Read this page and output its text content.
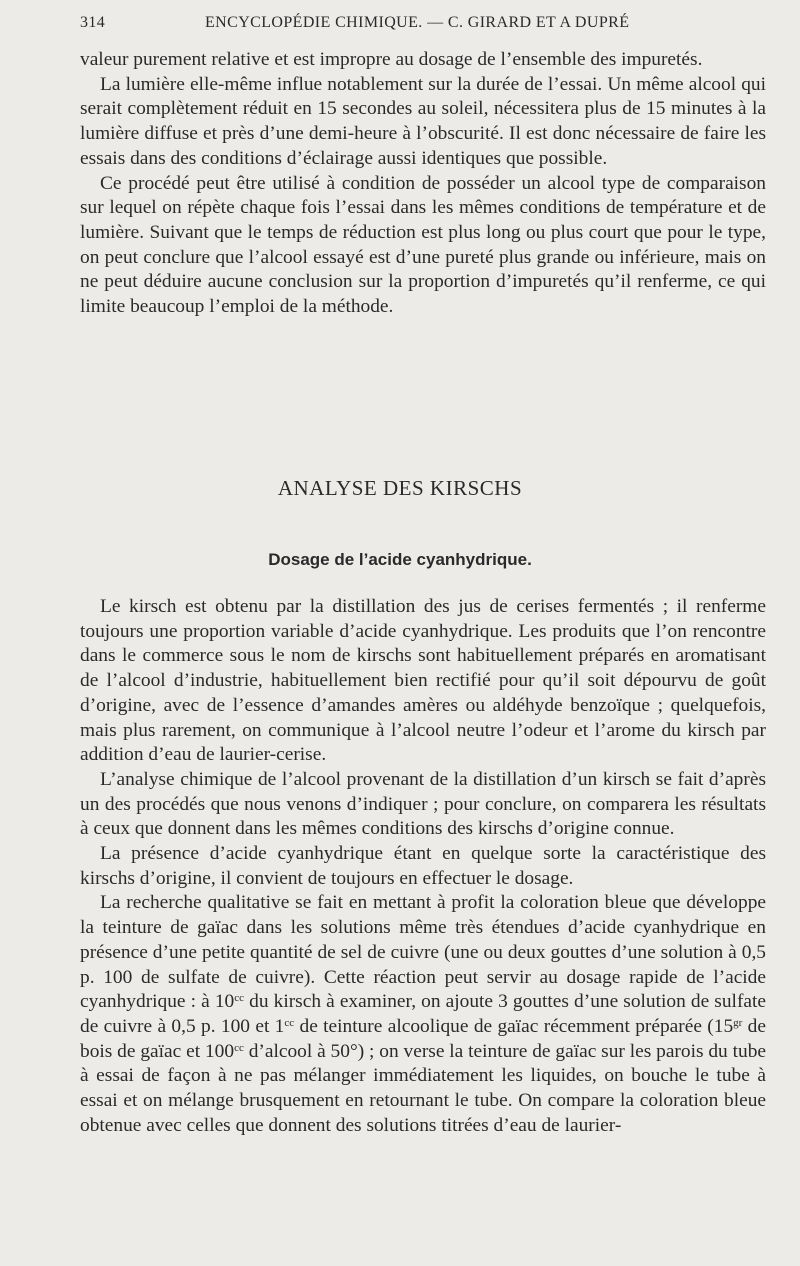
314	ENCYCLOPÉDIE CHIMIQUE. — C. GIRARD ET A DUPRÉ

valeur purement relative et est impropre au dosage de l’ensemble des impuretés.

La lumière elle-même influe notablement sur la durée de l’essai. Un même alcool qui serait complètement réduit en 15 secondes au soleil, nécessitera plus de 15 minutes à la lumière diffuse et près d’une demi-heure à l’obscurité. Il est donc nécessaire de faire les essais dans des conditions d’éclairage aussi identiques que possible.

Ce procédé peut être utilisé à condition de posséder un alcool type de comparaison sur lequel on répète chaque fois l’essai dans les mêmes conditions de température et de lumière. Suivant que le temps de réduction est plus long ou plus court que pour le type, on peut conclure que l’alcool essayé est d’une pureté plus grande ou inférieure, mais on ne peut déduire aucune conclusion sur la proportion d’impuretés qu’il renferme, ce qui limite beaucoup l’emploi de la méthode.

ANALYSE DES KIRSCHS
Dosage de l’acide cyanhydrique.

Le kirsch est obtenu par la distillation des jus de cerises fermentés ; il renferme toujours une proportion variable d’acide cyanhydrique. Les produits que l’on rencontre dans le commerce sous le nom de kirschs sont habituellement préparés en aromatisant de l’alcool d’industrie, habituellement bien rectifié pour qu’il soit dépourvu de goût d’origine, avec de l’essence d’amandes amères ou aldéhyde benzoïque ; quelquefois, mais plus rarement, on communique à l’alcool neutre l’odeur et l’arome du kirsch par addition d’eau de laurier-cerise.

L’analyse chimique de l’alcool provenant de la distillation d’un kirsch se fait d’après un des procédés que nous venons d’indiquer ; pour conclure, on comparera les résultats à ceux que donnent dans les mêmes conditions des kirschs d’origine connue.

La présence d’acide cyanhydrique étant en quelque sorte la caractéristique des kirschs d’origine, il convient de toujours en effectuer le dosage.

La recherche qualitative se fait en mettant à profit la coloration bleue que développe la teinture de gaïac dans les solutions même très étendues d’acide cyanhydrique en présence d’une petite quantité de sel de cuivre (une ou deux gouttes d’une solution à 0,5 p. 100 de sulfate de cuivre). Cette réaction peut servir au dosage rapide de l’acide cyanhydrique : à $10^{cc}$ du kirsch à examiner, on ajoute 3 gouttes d’une solution de sulfate de cuivre à 0,5 p. 100 et $1^{cc}$ de teinture alcoolique de gaïac récemment préparée ($15^{gr}$ de bois de gaïac et $100^{cc}$ d’alcool à 50°) ; on verse la teinture de gaïac sur les parois du tube à essai de façon à ne pas mélanger immédiatement les liquides, on bouche le tube à essai et on mélange brusquement en retournant le tube. On compare la coloration bleue obtenue avec celles que donnent des solutions titrées d’eau de laurier-
